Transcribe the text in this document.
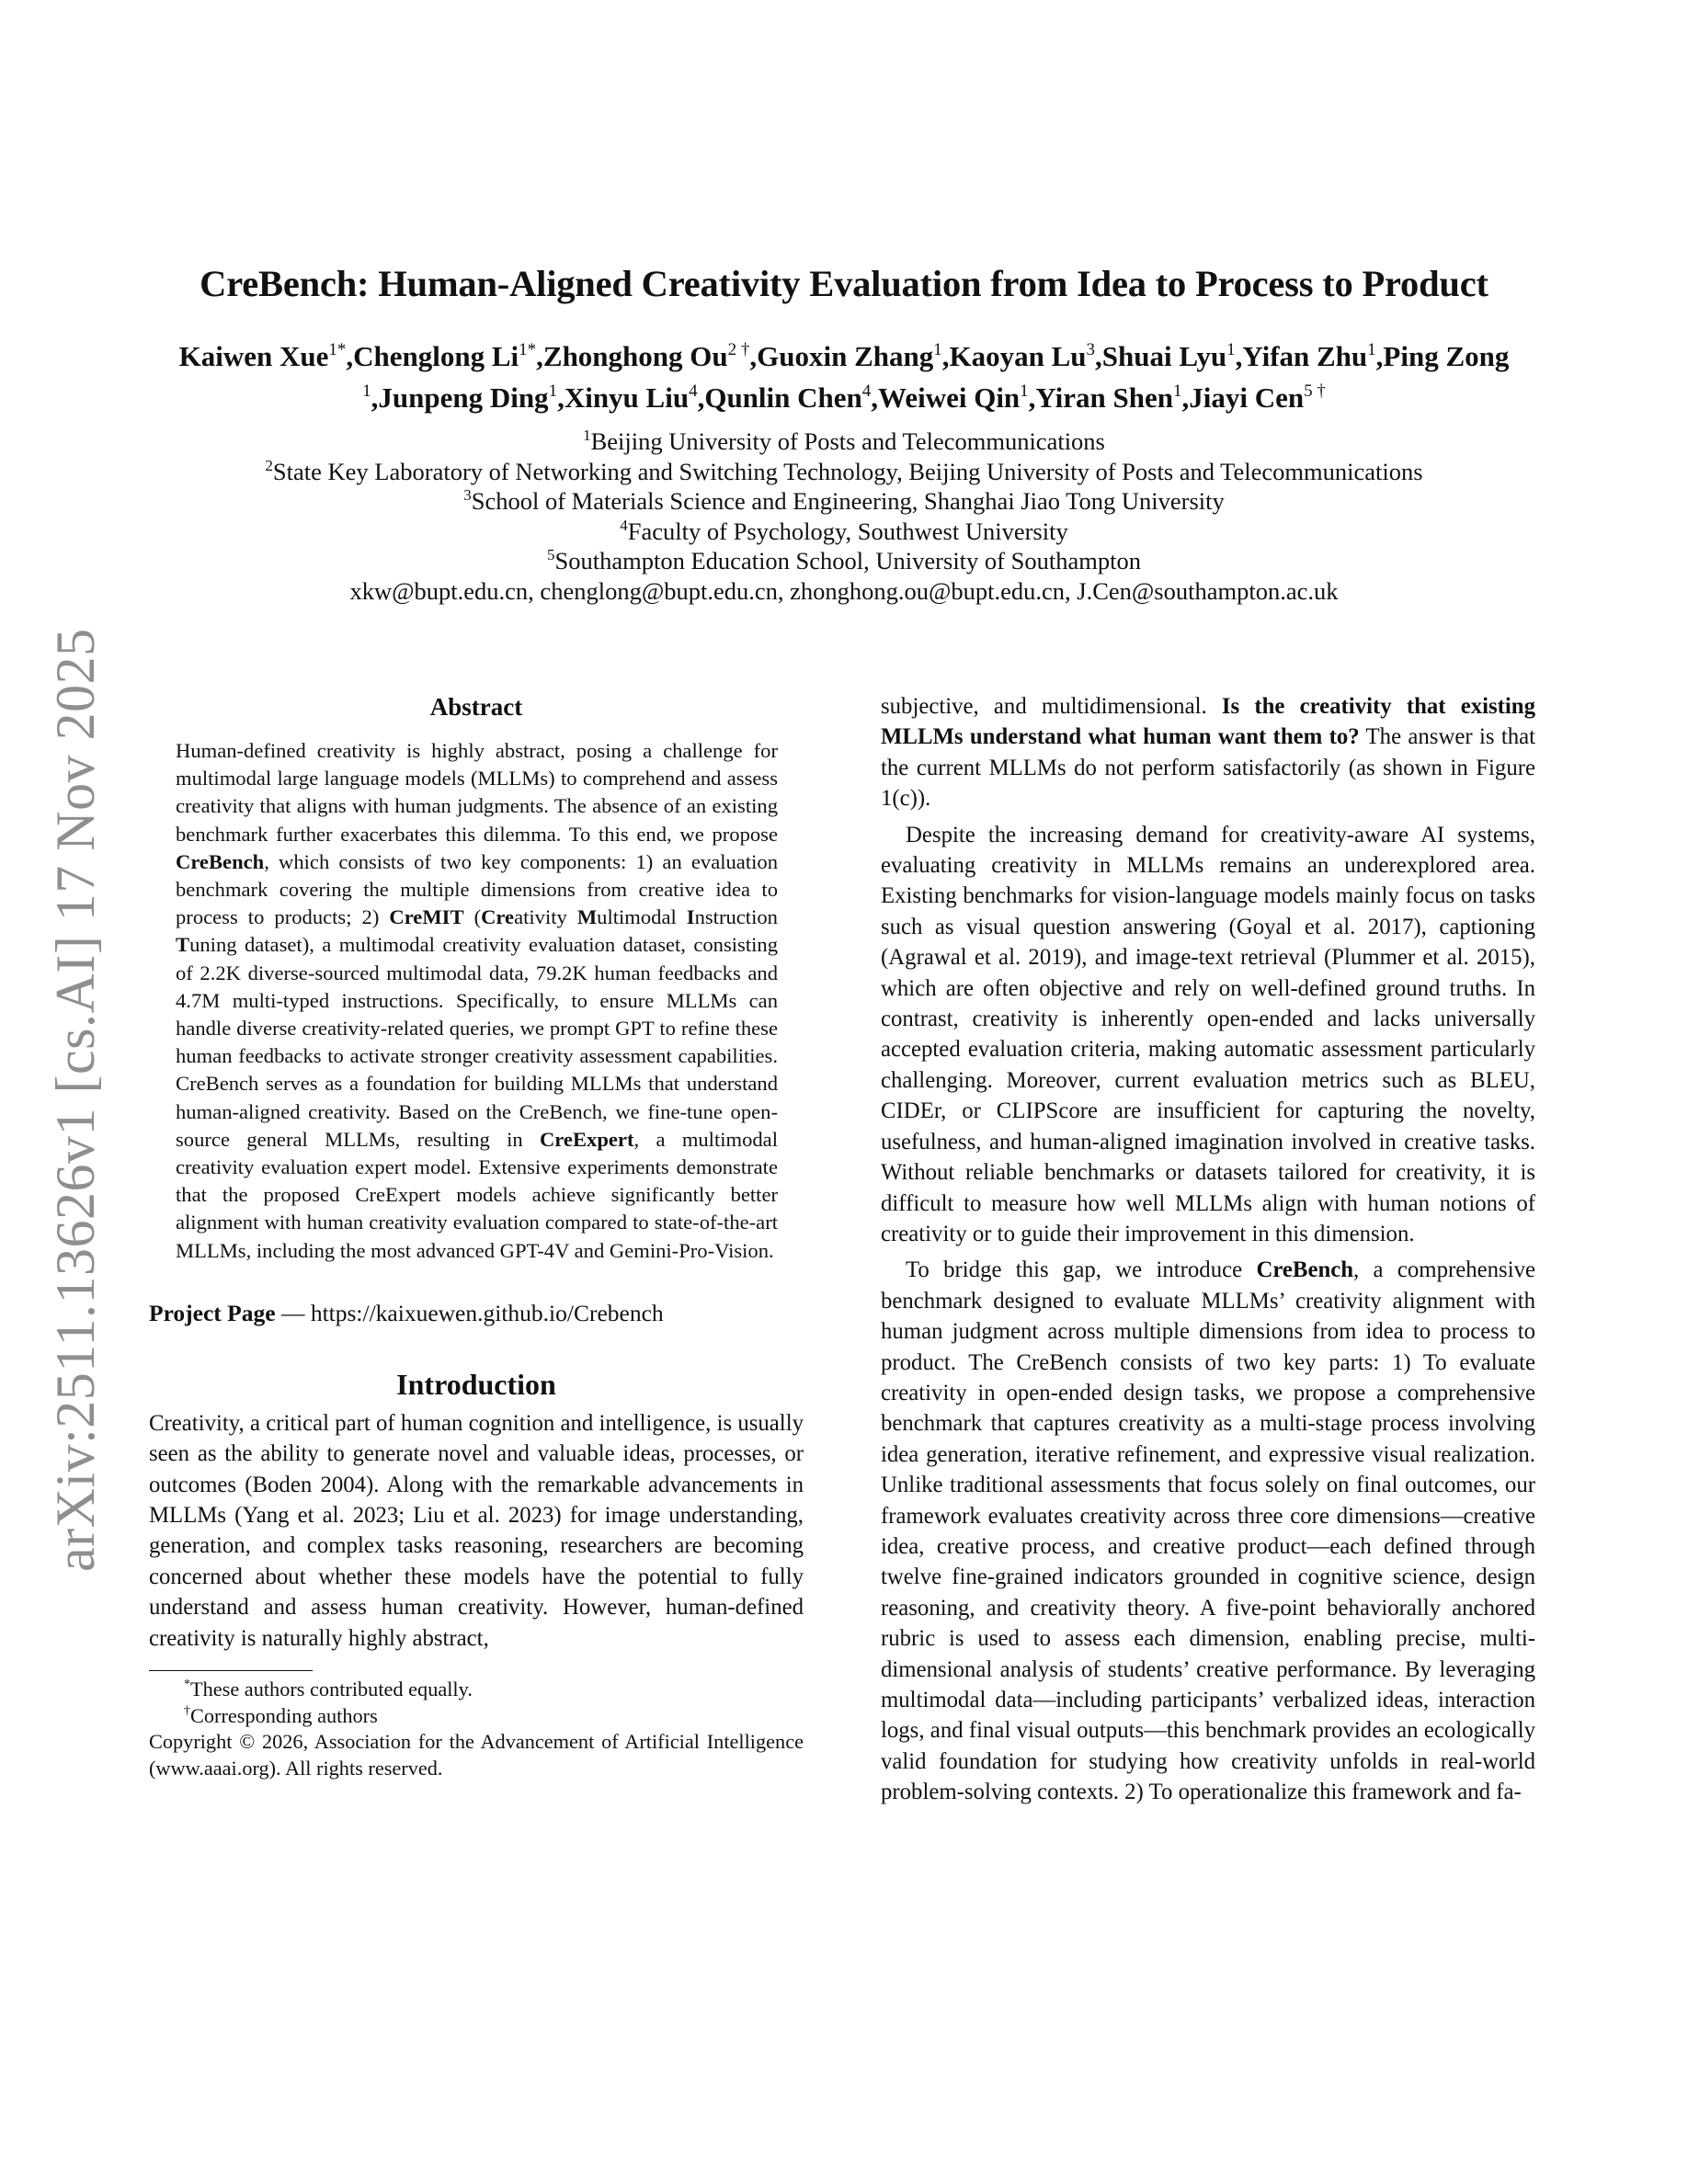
arXiv:2511.13626v1 [cs.AI] 17 Nov 2025
CreBench: Human-Aligned Creativity Evaluation from Idea to Process to Product
Kaiwen Xue$^{1*}$,Chenglong $Li^{1*},Zhonghong$ $Ou^{2 \dagger},Guoxin$ Zhang$^1$,Kaoyan Lu$^3$,Shuai Lyu$^1$,Yifan Zhu$^1$,Ping Zong $^1$,Junpeng Ding$^1$,Xinyu Liu$^4$,Qunlin Chen$^4$,Weiwei Qin$^1$,Yiran Shen$^1$,Jiayi Cen$^{5 \dagger}$
$^1$Beijing University of Posts and Telecommunications
$^2$State Key Laboratory of Networking and Switching Technology, Beijing University of Posts and Telecommunications
$^3$School of Materials Science and Engineering, Shanghai Jiao Tong University
$^4$Faculty of Psychology, Southwest University
$^5$Southampton Education School, University of Southampton
xkw@bupt.edu.cn, chenglong@bupt.edu.cn, zhonghong.ou@bupt.edu.cn, J.Cen@southampton.ac.uk
Abstract
Human-defined creativity is highly abstract, posing a challenge for multimodal large language models (MLLMs) to comprehend and assess creativity that aligns with human judgments. The absence of an existing benchmark further exacerbates this dilemma. To this end, we propose CreBench, which consists of two key components: 1) an evaluation benchmark covering the multiple dimensions from creative idea to process to products; 2) CreMIT (Creativity Multimodal Instruction Tuning dataset), a multimodal creativity evaluation dataset, consisting of 2.2K diverse-sourced multimodal data, 79.2K human feedbacks and 4.7M multi-typed instructions. Specifically, to ensure MLLMs can handle diverse creativity-related queries, we prompt GPT to refine these human feedbacks to activate stronger creativity assessment capabilities. CreBench serves as a foundation for building MLLMs that understand human-aligned creativity. Based on the CreBench, we fine-tune open-source general MLLMs, resulting in CreExpert, a multimodal creativity evaluation expert model. Extensive experiments demonstrate that the proposed CreExpert models achieve significantly better alignment with human creativity evaluation compared to state-of-the-art MLLMs, including the most advanced GPT-4V and Gemini-Pro-Vision.
Project Page — https://kaixuewen.github.io/Crebench
Introduction

Creativity, a critical part of human cognition and intelligence, is usually seen as the ability to generate novel and valuable ideas, processes, or outcomes (Boden 2004). Along with the remarkable advancements in MLLMs (Yang et al. 2023; Liu et al. 2023) for image understanding, generation, and complex tasks reasoning, researchers are becoming concerned about whether these models have the potential to fully understand and assess human creativity. However, human-defined creativity is naturally highly abstract,

*These authors contributed equally.
†Corresponding authors
Copyright © 2026, Association for the Advancement of Artificial Intelligence (www.aaai.org). All rights reserved.

subjective, and multidimensional. Is the creativity that existing MLLMs understand what human want them to? The answer is that the current MLLMs do not perform satisfactorily (as shown in Figure 1(c)).

Despite the increasing demand for creativity-aware AI systems, evaluating creativity in MLLMs remains an underexplored area. Existing benchmarks for vision-language models mainly focus on tasks such as visual question answering (Goyal et al. 2017), captioning (Agrawal et al. 2019), and image-text retrieval (Plummer et al. 2015), which are often objective and rely on well-defined ground truths. In contrast, creativity is inherently open-ended and lacks universally accepted evaluation criteria, making automatic assessment particularly challenging. Moreover, current evaluation metrics such as BLEU, CIDEr, or CLIPScore are insufficient for capturing the novelty, usefulness, and human-aligned imagination involved in creative tasks. Without reliable benchmarks or datasets tailored for creativity, it is difficult to measure how well MLLMs align with human notions of creativity or to guide their improvement in this dimension.

To bridge this gap, we introduce CreBench, a comprehensive benchmark designed to evaluate MLLMs’ creativity alignment with human judgment across multiple dimensions from idea to process to product. The CreBench consists of two key parts: 1) To evaluate creativity in open-ended design tasks, we propose a comprehensive benchmark that captures creativity as a multi-stage process involving idea generation, iterative refinement, and expressive visual realization. Unlike traditional assessments that focus solely on final outcomes, our framework evaluates creativity across three core dimensions—creative idea, creative process, and creative product—each defined through twelve fine-grained indicators grounded in cognitive science, design reasoning, and creativity theory. A five-point behaviorally anchored rubric is used to assess each dimension, enabling precise, multi-dimensional analysis of students’ creative performance. By leveraging multimodal data—including participants’ verbalized ideas, interaction logs, and final visual outputs—this benchmark provides an ecologically valid foundation for studying how creativity unfolds in real-world problem-solving contexts. 2) To operationalize this framework and fa-
